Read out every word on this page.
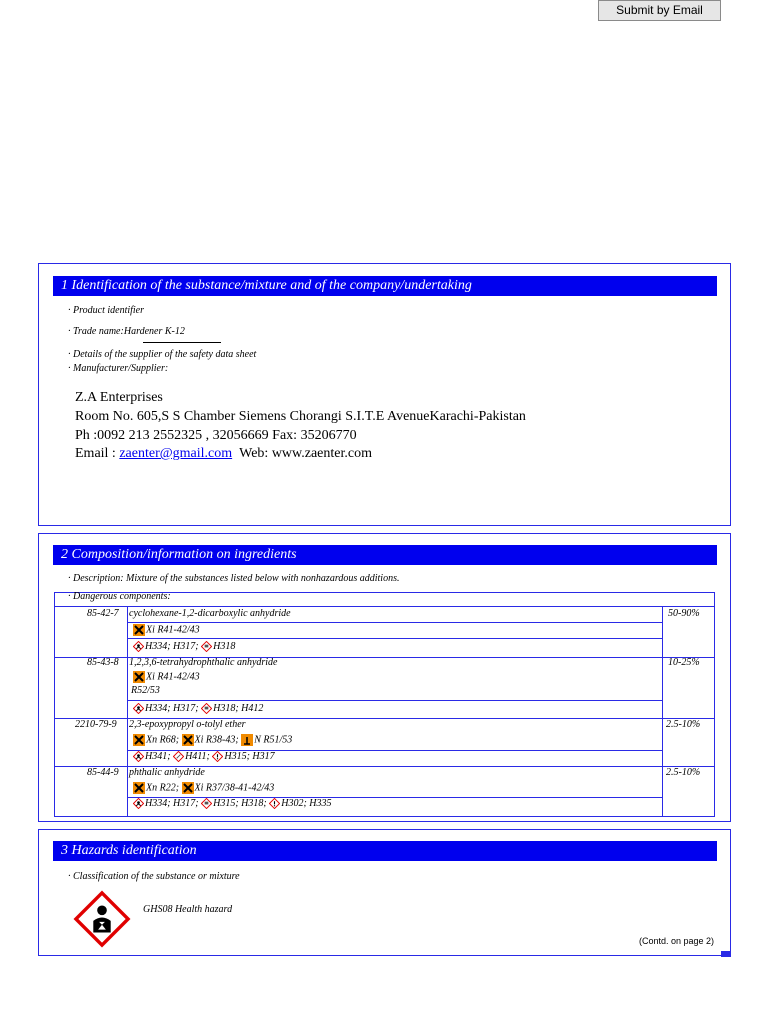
Submit by Email
1 Identification of the substance/mixture and of the company/undertaking
· Product identifier
· Trade name:Hardener K-12
· Details of the supplier of the safety data sheet
· Manufacturer/Supplier:
Z.A Enterprises
Room No. 605,S S Chamber Siemens Chorangi S.I.T.E AvenueKarachi-Pakistan
Ph :0092 213 2552325 , 32056669 Fax: 35206770
Email : zaenter@gmail.com Web: www.zaenter.com
2 Composition/information on ingredients
· Description: Mixture of the substances listed below with nonhazardous additions.
· Dangerous components:
85-42-7 cyclohexane-1,2-dicarboxylic anhydride	50-90%
Xi R41-42/43
H334; H317; H318
85-43-8 1,2,3,6-tetrahydrophthalic anhydride	10-25%
Xi R41-42/43
R52/53
H334; H317; H318; H412
2210-79-9 2,3-epoxypropyl o-tolyl ether	2.5-10%
Xn R68; Xi R38-43; N R51/53
H341; H411; H315; H317
85-44-9 phthalic anhydride	2.5-10%
Xn R22; Xi R37/38-41-42/43
H334; H317; H315; H318; H302; H335
3 Hazards identification
· Classification of the substance or mixture
GHS08 Health hazard
(Contd. on page 2)
